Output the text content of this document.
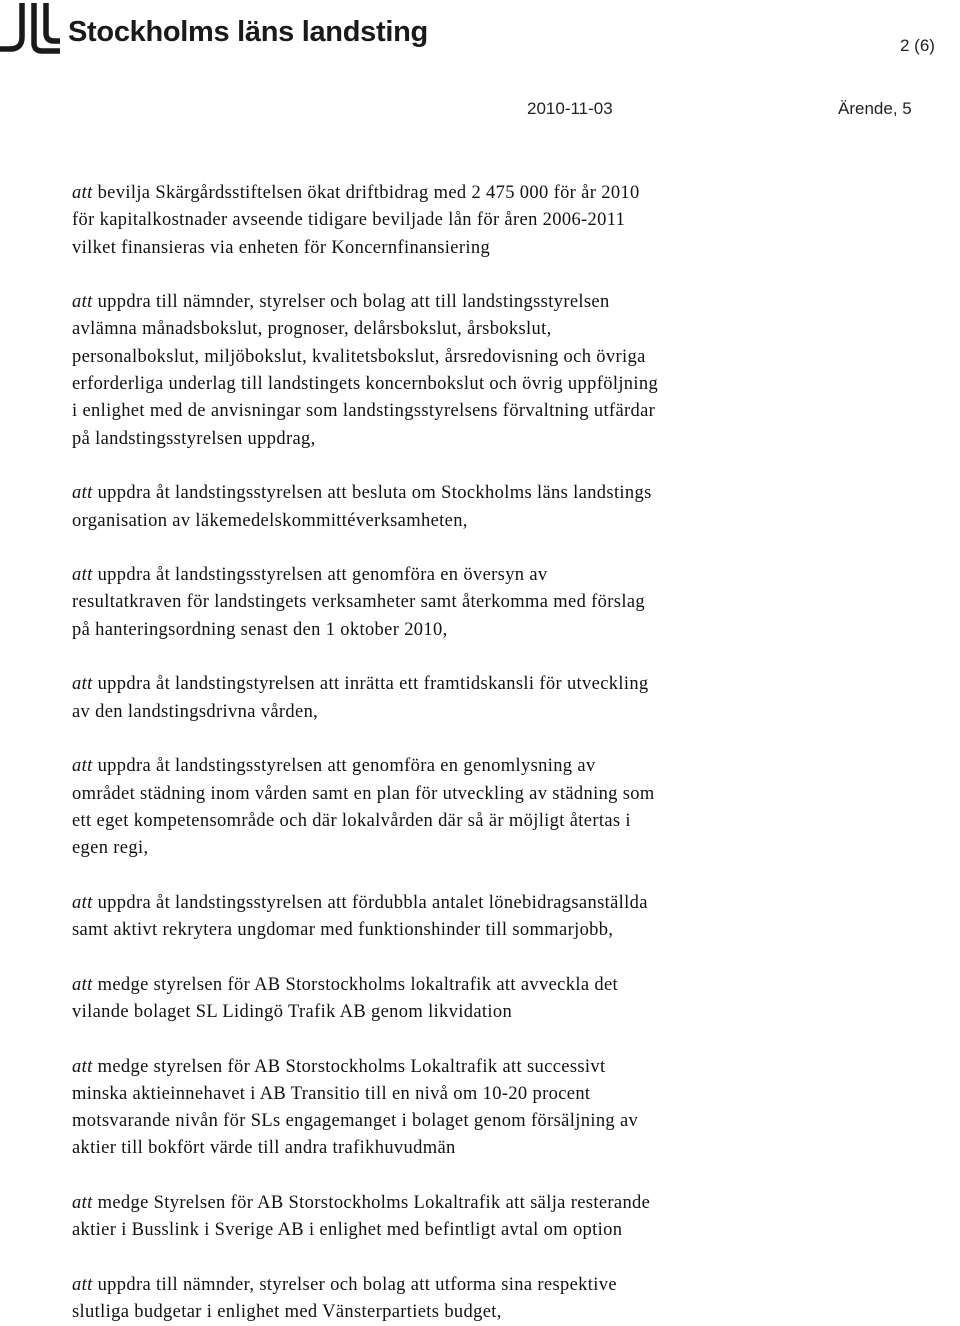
Stockholms läns landsting	2 (6)
2010-11-03	Ärende, 5
att bevilja Skärgårdsstiftelsen ökat driftbidrag med 2 475 000 för år 2010
för kapitalkostnader avseende tidigare beviljade lån för åren 2006-2011
vilket finansieras via enheten för Koncernfinansiering
att uppdra till nämnder, styrelser och bolag att till landstingsstyrelsen
avlämna månadsbokslut, prognoser, delårsbokslut, årsbokslut,
personalbokslut, miljöbokslut, kvalitetsbokslut, årsredovisning och övriga
erforderliga underlag till landstingets koncernbokslut och övrig uppföljning
i enlighet med de anvisningar som landstingsstyrelsens förvaltning utfärdar
på landstingsstyrelsen uppdrag,
att uppdra åt landstingsstyrelsen att besluta om Stockholms läns landstings
organisation av läkemedelskommittéverksamheten,
att uppdra åt landstingsstyrelsen att genomföra en översyn av
resultatkraven för landstingets verksamheter samt återkomma med förslag
på hanteringsordning senast den 1 oktober 2010,
att uppdra åt landstingstyrelsen att inrätta ett framtidskansli för utveckling
av den landstingsdrivna vården,
att uppdra åt landstingsstyrelsen att genomföra en genomlysning av
området städning inom vården samt en plan för utveckling av städning som
ett eget kompetensområde och där lokalvården där så är möjligt återtas i
egen regi,
att uppdra åt landstingsstyrelsen att fördubbla antalet lönebidragsanställda
samt aktivt rekrytera ungdomar med funktionshinder till sommarjobb,
att medge styrelsen för AB Storstockholms lokaltrafik att avveckla det
vilande bolaget SL Lidingö Trafik AB genom likvidation
att medge styrelsen för AB Storstockholms Lokaltrafik att successivt
minska aktieinnehavet i AB Transitio till en nivå om 10-20 procent
motsvarande nivån för SLs engagemanget i bolaget genom försäljning av
aktier till bokfört värde till andra trafikhuvudmän
att medge Styrelsen för AB Storstockholms Lokaltrafik att sälja resterande
aktier i Busslink i Sverige AB i enlighet med befintligt avtal om option
att uppdra till nämnder, styrelser och bolag att utforma sina respektive
slutliga budgetar i enlighet med Vänsterpartiets budget,
